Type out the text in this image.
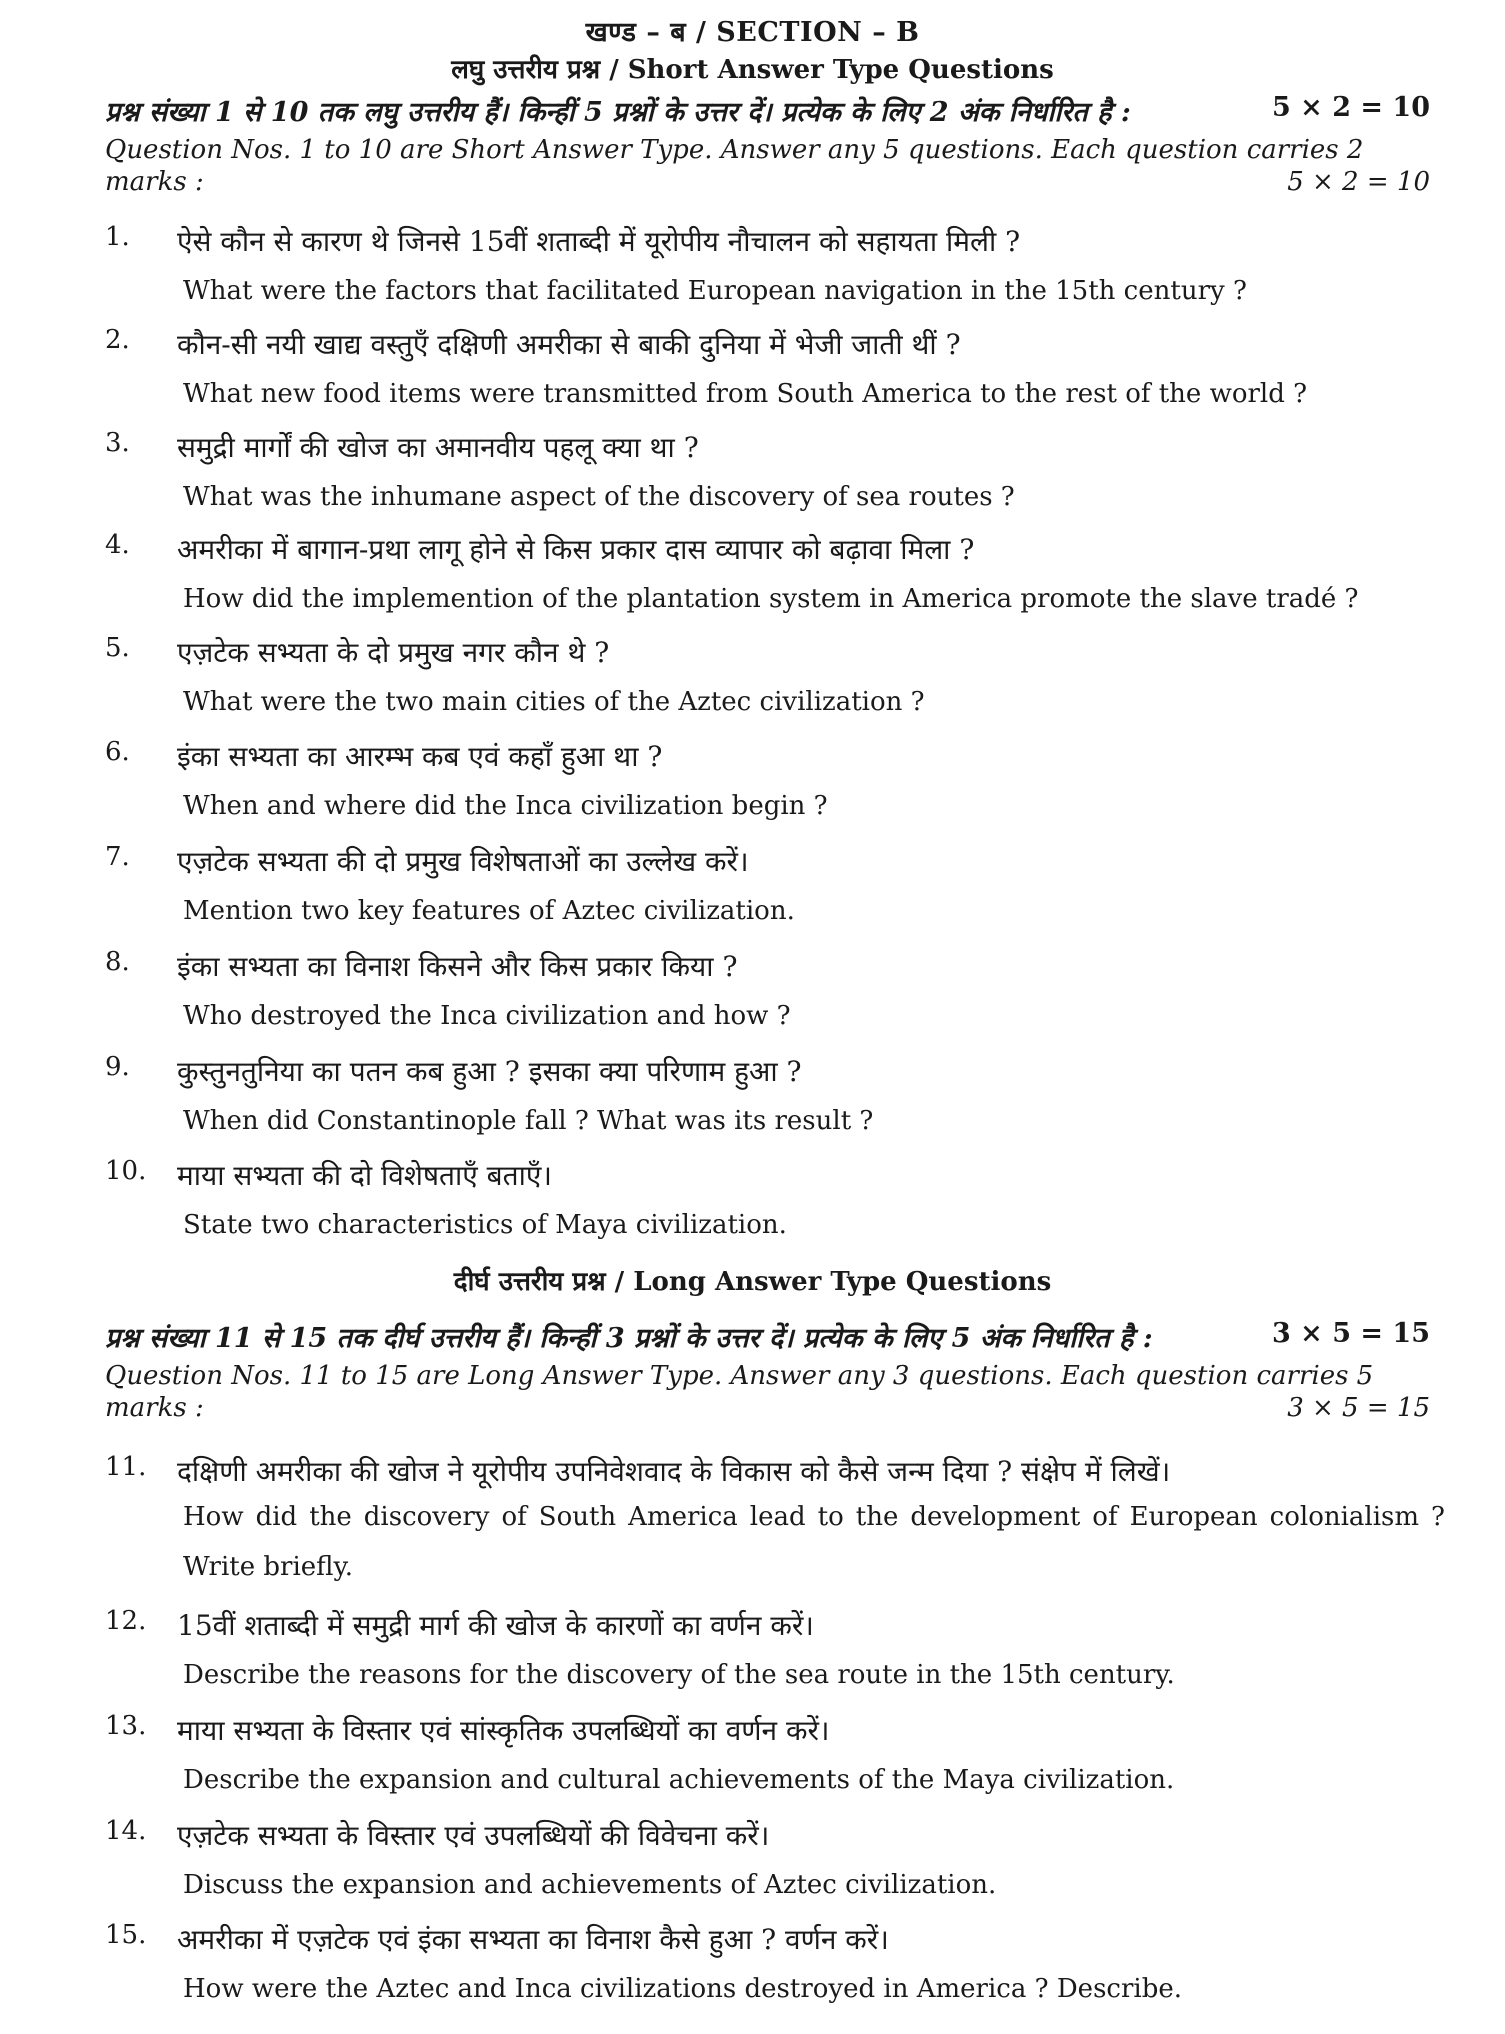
खण्ड – ब / SECTION – B
लघु उत्तरीय प्रश्न / Short Answer Type Questions
प्रश्न संख्या 1 से 10 तक लघु उत्तरीय हैं। किन्हीं 5 प्रश्नों के उत्तर दें। प्रत्येक के लिए 2 अंक निर्धारित है :	5 × 2 = 10
Question Nos. 1 to 10 are Short Answer Type. Answer any 5 questions. Each question carries 2 marks :	5 × 2 = 10
1. ऐसे कौन से कारण थे जिनसे 15वीं शताब्दी में यूरोपीय नौचालन को सहायता मिली ?
What were the factors that facilitated European navigation in the 15th century ?
2. कौन-सी नयी खाद्य वस्तुएँ दक्षिणी अमरीका से बाकी दुनिया में भेजी जाती थीं ?
What new food items were transmitted from South America to the rest of the world ?
3. समुद्री मार्गों की खोज का अमानवीय पहलू क्या था ?
What was the inhumane aspect of the discovery of sea routes ?
4. अमरीका में बागान-प्रथा लागू होने से किस प्रकार दास व्यापार को बढ़ावा मिला ?
How did the implemention of the plantation system in America promote the slave tradé ?
5. एज़टेक सभ्यता के दो प्रमुख नगर कौन थे ?
What were the two main cities of the Aztec civilization ?
6. इंका सभ्यता का आरम्भ कब एवं कहाँ हुआ था ?
When and where did the Inca civilization begin ?
7. एज़टेक सभ्यता की दो प्रमुख विशेषताओं का उल्लेख करें।
Mention two key features of Aztec civilization.
8. इंका सभ्यता का विनाश किसने और किस प्रकार किया ?
Who destroyed the Inca civilization and how ?
9. कुस्तुनतुनिया का पतन कब हुआ ? इसका क्या परिणाम हुआ ?
When did Constantinople fall ? What was its result ?
10. माया सभ्यता की दो विशेषताएँ बताएँ।
State two characteristics of Maya civilization.
दीर्घ उत्तरीय प्रश्न / Long Answer Type Questions
प्रश्न संख्या 11 से 15 तक दीर्घ उत्तरीय हैं। किन्हीं 3 प्रश्नों के उत्तर दें। प्रत्येक के लिए 5 अंक निर्धारित है :	3 × 5 = 15
Question Nos. 11 to 15 are Long Answer Type. Answer any 3 questions. Each question carries 5 marks :	3 × 5 = 15
11. दक्षिणी अमरीका की खोज ने यूरोपीय उपनिवेशवाद के विकास को कैसे जन्म दिया ? संक्षेप में लिखें।
How did the discovery of South America lead to the development of European colonialism ? Write briefly.
12. 15वीं शताब्दी में समुद्री मार्ग की खोज के कारणों का वर्णन करें।
Describe the reasons for the discovery of the sea route in the 15th century.
13. माया सभ्यता के विस्तार एवं सांस्कृतिक उपलब्धियों का वर्णन करें।
Describe the expansion and cultural achievements of the Maya civilization.
14. एज़टेक सभ्यता के विस्तार एवं उपलब्धियों की विवेचना करें।
Discuss the expansion and achievements of Aztec civilization.
15. अमरीका में एज़टेक एवं इंका सभ्यता का विनाश कैसे हुआ ? वर्णन करें।
How were the Aztec and Inca civilizations destroyed in America ? Describe.
